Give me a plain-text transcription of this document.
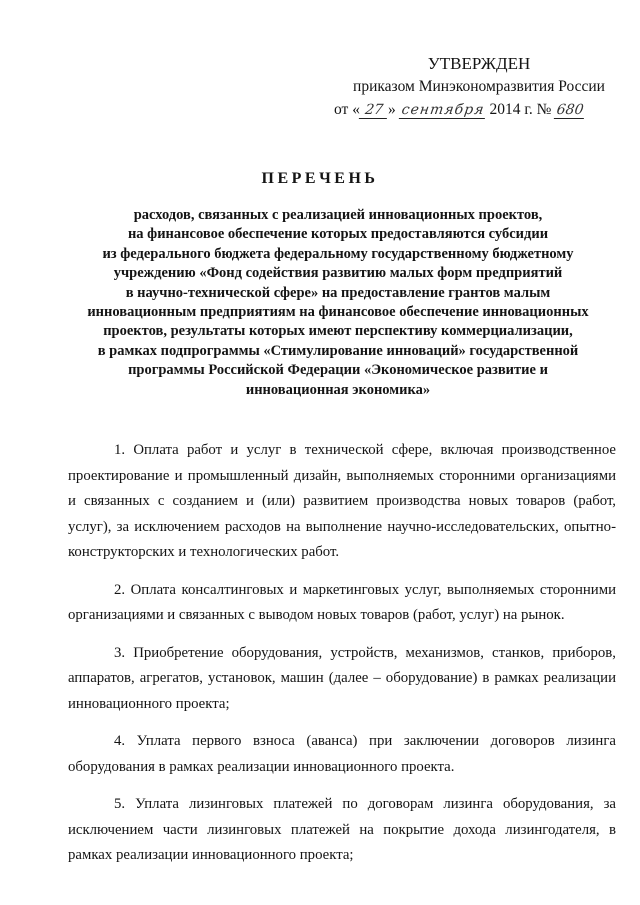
УТВЕРЖДЕН
приказом Минэкономразвития России
от « 27 » сентября 2014 г. № 680
ПЕРЕЧЕНЬ
расходов, связанных с реализацией инновационных проектов,
на финансовое обеспечение которых предоставляются субсидии
из федерального бюджета федеральному государственному бюджетному
учреждению «Фонд содействия развитию малых форм предприятий
в научно-технической сфере» на предоставление грантов малым
инновационным предприятиям на финансовое обеспечение инновационных
проектов, результаты которых имеют перспективу коммерциализации,
в рамках подпрограммы «Стимулирование инноваций» государственной
программы Российской Федерации «Экономическое развитие и
инновационная экономика»

1. Оплата работ и услуг в технической сфере, включая производственное проектирование и промышленный дизайн, выполняемых сторонними организациями и связанных с созданием и (или) развитием производства новых товаров (работ, услуг), за исключением расходов на выполнение научно-исследовательских, опытно-конструкторских и технологических работ.

2. Оплата консалтинговых и маркетинговых услуг, выполняемых сторонними организациями и связанных с выводом новых товаров (работ, услуг) на рынок.

3. Приобретение оборудования, устройств, механизмов, станков, приборов, аппаратов, агрегатов, установок, машин (далее – оборудование) в рамках реализации инновационного проекта;

4. Уплата первого взноса (аванса) при заключении договоров лизинга оборудования в рамках реализации инновационного проекта.

5. Уплата лизинговых платежей по договорам лизинга оборудования, за исключением части лизинговых платежей на покрытие дохода лизингодателя, в рамках реализации инновационного проекта;
